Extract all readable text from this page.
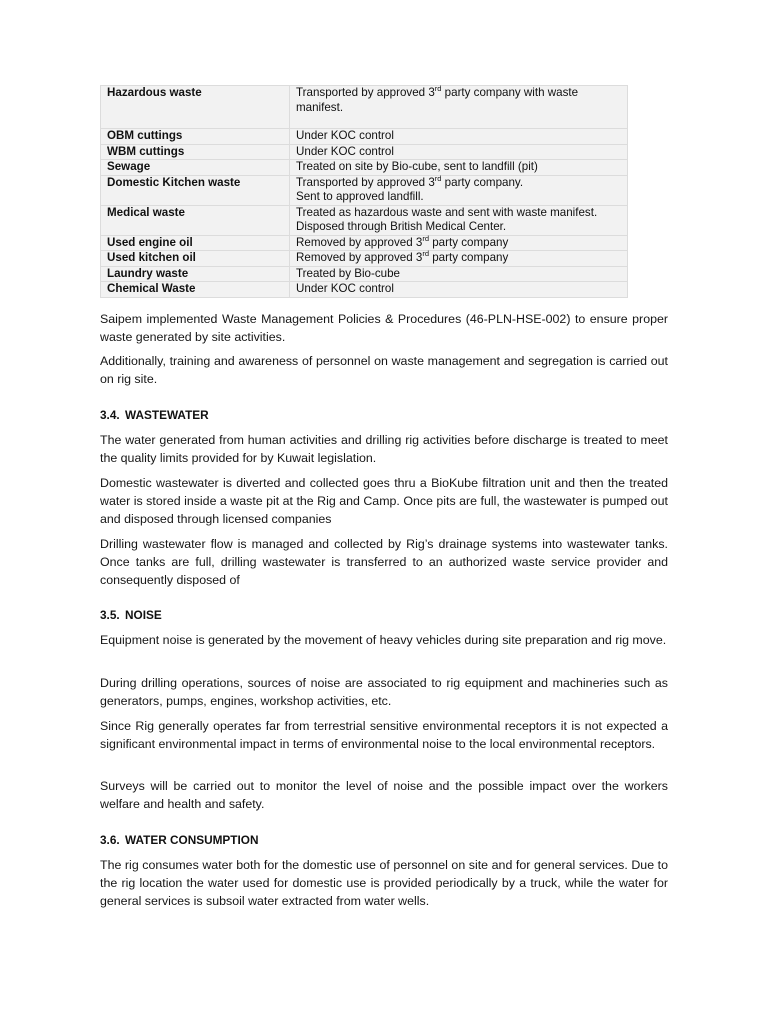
Hazardous waste	Transported by approved 3rd party company with waste manifest.
OBM cuttings	Under KOC control
WBM cuttings	Under KOC control
Sewage	Treated on site by Bio-cube, sent to landfill (pit)
Domestic Kitchen waste	Transported by approved 3rd party company.
Sent to approved landfill.
Medical waste	Treated as hazardous waste and sent with waste manifest.
Disposed through British Medical Center.
Used engine oil	Removed by approved 3rd party company
Used kitchen oil	Removed by approved 3rd party company
Laundry waste	Treated by Bio-cube
Chemical Waste	Under KOC control

Saipem implemented Waste Management Policies & Procedures (46-PLN-HSE-002) to ensure proper waste generated by site activities.

Additionally, training and awareness of personnel on waste management and segregation is carried out on rig site.

3.4. WASTEWATER

The water generated from human activities and drilling rig activities before discharge is treated to meet the quality limits provided for by Kuwait legislation.

Domestic wastewater is diverted and collected goes thru a BioKube filtration unit and then the treated water is stored inside a waste pit at the Rig and Camp. Once pits are full, the wastewater is pumped out and disposed through licensed companies

Drilling wastewater flow is managed and collected by Rig’s drainage systems into wastewater tanks. Once tanks are full, drilling wastewater is transferred to an authorized waste service provider and consequently disposed of

3.5. NOISE

Equipment noise is generated by the movement of heavy vehicles during site preparation and rig move.

During drilling operations, sources of noise are associated to rig equipment and machineries such as generators, pumps, engines, workshop activities, etc.

Since Rig generally operates far from terrestrial sensitive environmental receptors it is not expected a significant environmental impact in terms of environmental noise to the local environmental receptors.

Surveys will be carried out to monitor the level of noise and the possible impact over the workers welfare and health and safety.

3.6. WATER CONSUMPTION

The rig consumes water both for the domestic use of personnel on site and for general services. Due to the rig location the water used for domestic use is provided periodically by a truck, while the water for general services is subsoil water extracted from water wells.
